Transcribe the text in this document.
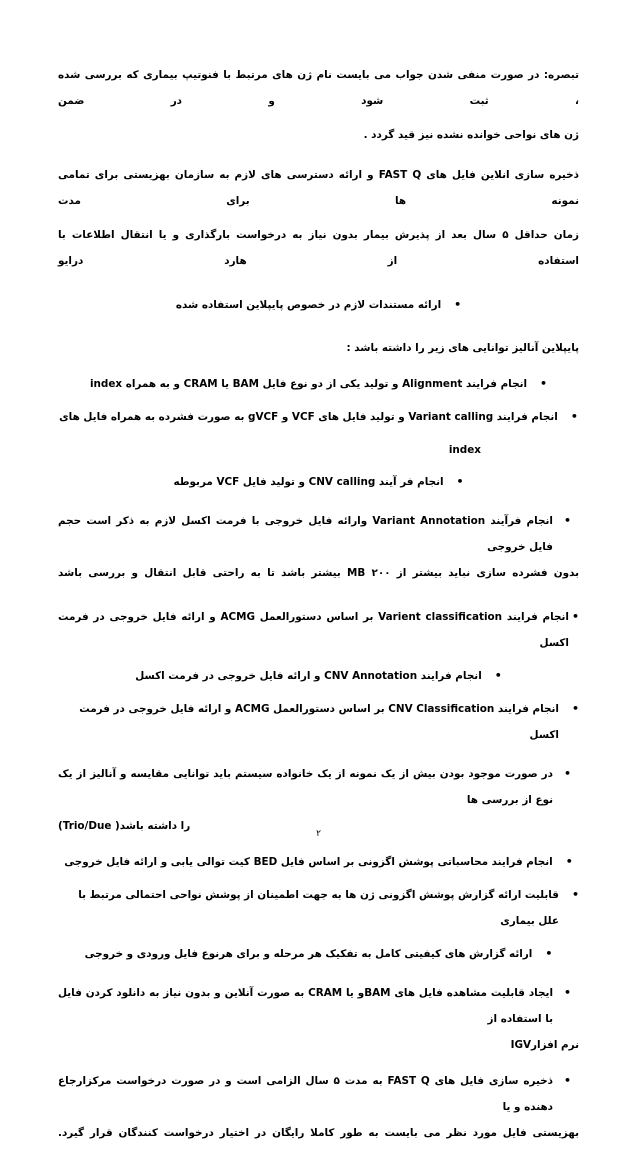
تبصره: در صورت منفی شدن جواب می بایست نام ژن های مرتبط با فنوتیپ بیماری که بررسی شده ، ثبت شود و در ضمن

ژن های نواحی خوانده نشده نیز قید گردد .

ذخیره سازی انلاین فایل های FAST Q و ارائه دسترسی های لازم به سازمان بهزیستی برای تمامی نمونه ها برای مدت

زمان حداقل ۵ سال بعد از پذیرش بیمار بدون نیاز به درخواست بارگذاری و یا انتقال اطلاعات با استفاده از هارد درایو

•
ارائه مستندات لازم در خصوص پایپلاین استفاده شده

پایپلاین آنالیز توانایی های زیر را داشته باشد :

•
انجام فرایند Alignment و تولید یکی از دو نوع فایل BAM یا CRAM و به همراه index
•
انجام فرایند Variant calling و تولید فایل های VCF و gVCF به صورت فشرده به همراه فایل های

index

•
انجام فر آیند CNV calling و تولید فایل VCF مربوطه
• انجام فرآیند Variant Annotation وارائه فایل خروجی با فرمت اکسل لازم به ذکر است حجم فایل خروجی

بدون فشرده سازی نباید بیشتر از ۲۰۰ MB بیشتر باشد تا به راحتی قابل انتقال و بررسی باشد

• انجام فرایند Varient classification بر اساس دستورالعمل ACMG و ارائه فایل خروجی در فرمت اکسل
•
انجام فرایند CNV Annotation و ارائه فایل خروجی در فرمت اکسل
•
انجام فرایند CNV Classification بر اساس دستورالعمل ACMG و ارائه فایل خروجی در فرمت اکسل
• در صورت موجود بودن بیش از یک نمونه از یک خانواده سیستم باید توانایی مقایسه و آنالیز از یک نوع از بررسی ها

را داشته باشد( Trio/Due)

•
انجام فرایند محاسباتی پوشش اگزونی بر اساس فایل BED کیت توالی یابی و ارائه فایل خروجی
•
قابلیت ارائه گزارش پوشش اگزونی ژن ها به جهت اطمینان از پوشش نواحی احتمالی مرتبط با علل بیماری
•
ارائه گزارش های کیفیتی کامل به تفکیک هر مرحله و برای هرنوع فایل ورودی و خروجی
• ایجاد قابلیت مشاهده فایل های BAMو یا CRAM به صورت آنلاین و بدون نیاز به دانلود کردن فایل با استفاده از

نرم افزارIGV

• ذخیره سازی فایل های FAST Q به مدت ۵ سال الزامی است و در صورت درخواست مرکزارجاع دهنده و یا

بهزیستی فایل مورد نظر می بایست به طور کاملا رایگان در اختیار درخواست کنندگان قرار گیرد.

۲
